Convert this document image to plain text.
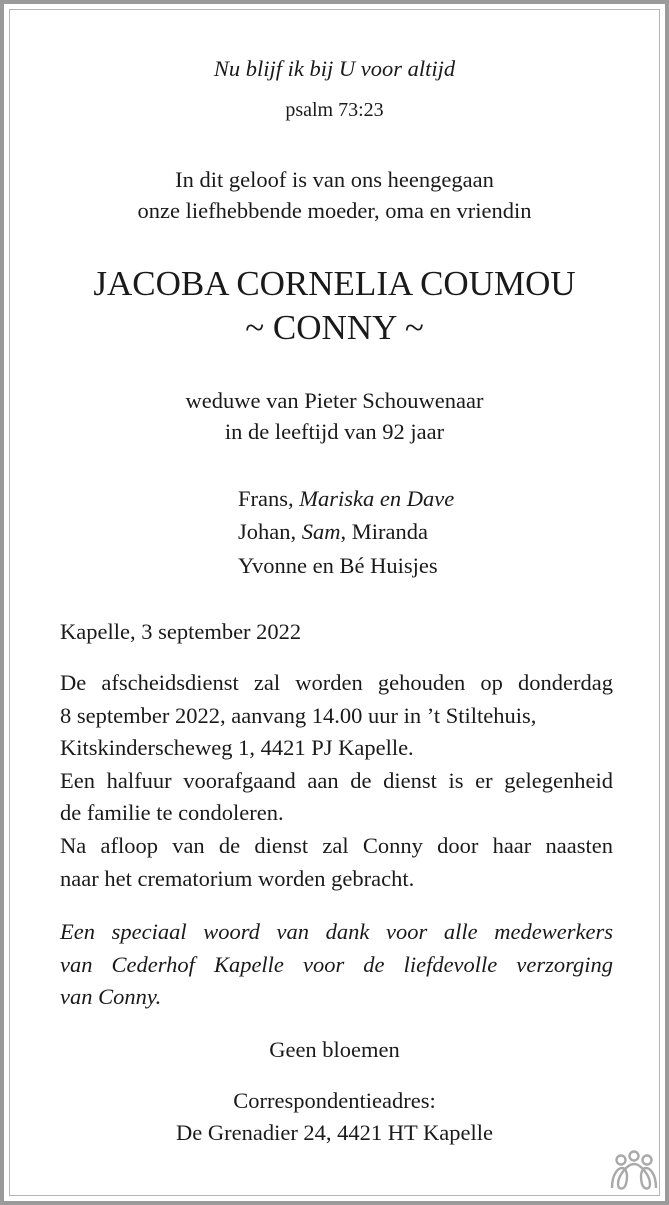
Nu blijf ik bij U voor altijd
psalm 73:23
In dit geloof is van ons heengegaan
onze liefhebbende moeder, oma en vriendin
JACOBA CORNELIA COUMOU
~ CONNY ~
weduwe van Pieter Schouwenaar
in de leeftijd van 92 jaar
Frans, Mariska en Dave
Johan, Sam, Miranda
Yvonne en Bé Huisjes
Kapelle, 3 september 2022
De afscheidsdienst zal worden gehouden op donderdag
8 september 2022, aanvang 14.00 uur in ’t Stiltehuis,
Kitskinderscheweg 1, 4421 PJ Kapelle.
Een halfuur voorafgaand aan de dienst is er gelegenheid
de familie te condoleren.
Na afloop van de dienst zal Conny door haar naasten
naar het crematorium worden gebracht.
Een speciaal woord van dank voor alle medewerkers
van Cederhof Kapelle voor de liefdevolle verzorging
van Conny.
Geen bloemen
Correspondentieadres:
De Grenadier 24, 4421 HT Kapelle
